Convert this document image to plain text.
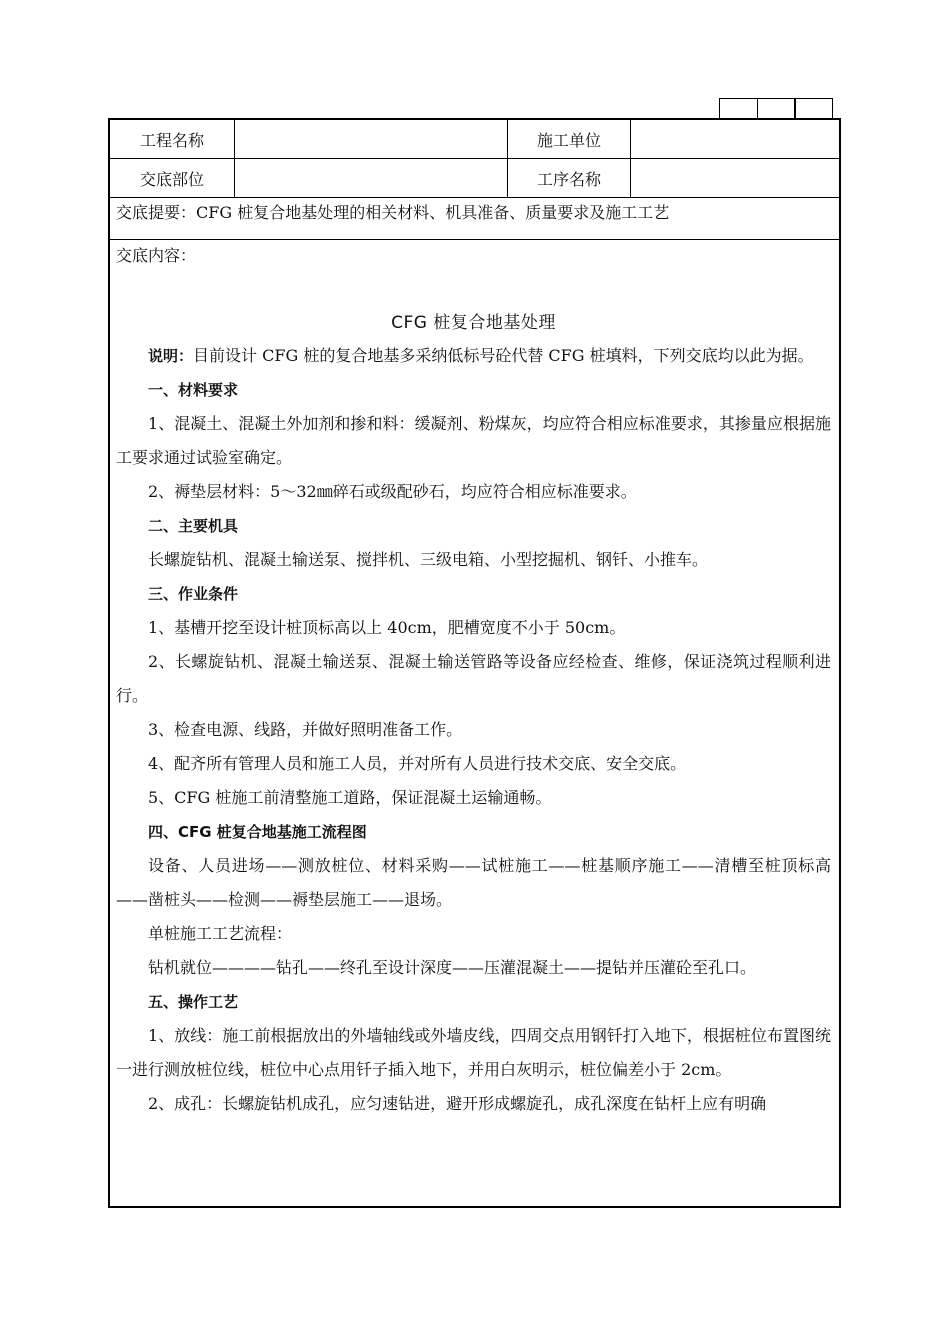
工程名称	施工单位
交底部位	工序名称
交底提要：CFG 桩复合地基处理的相关材料、机具准备、质量要求及施工工艺
交底内容：
CFG 桩复合地基处理

说明：目前设计 CFG 桩的复合地基多采纳低标号砼代替 CFG 桩填料，下列交底均以此为据。

一、材料要求

1、混凝土、混凝土外加剂和掺和料：缓凝剂、粉煤灰，均应符合相应标准要求，其掺量应根据施工要求通过试验室确定。

2、褥垫层材料：5～32㎜碎石或级配砂石，均应符合相应标准要求。

二、主要机具

长螺旋钻机、混凝土输送泵、搅拌机、三级电箱、小型挖掘机、钢钎、小推车。

三、作业条件

1、基槽开挖至设计桩顶标高以上 40cm，肥槽宽度不小于 50cm。

2、长螺旋钻机、混凝土输送泵、混凝土输送管路等设备应经检查、维修，保证浇筑过程顺利进行。

3、检查电源、线路，并做好照明准备工作。

4、配齐所有管理人员和施工人员，并对所有人员进行技术交底、安全交底。

5、CFG 桩施工前清整施工道路，保证混凝土运输通畅。

四、CFG 桩复合地基施工流程图

设备、人员进场——测放桩位、材料采购——试桩施工——桩基顺序施工——清槽至桩顶标高——凿桩头——检测——褥垫层施工——退场。

单桩施工工艺流程：

钻机就位————钻孔——终孔至设计深度——压灌混凝土——提钻并压灌砼至孔口。

五、操作工艺

1、放线：施工前根据放出的外墙轴线或外墙皮线，四周交点用钢钎打入地下，根据桩位布置图统一进行测放桩位线，桩位中心点用钎子插入地下，并用白灰明示，桩位偏差小于 2cm。

2、成孔：长螺旋钻机成孔，应匀速钻进，避开形成螺旋孔，成孔深度在钻杆上应有明确
